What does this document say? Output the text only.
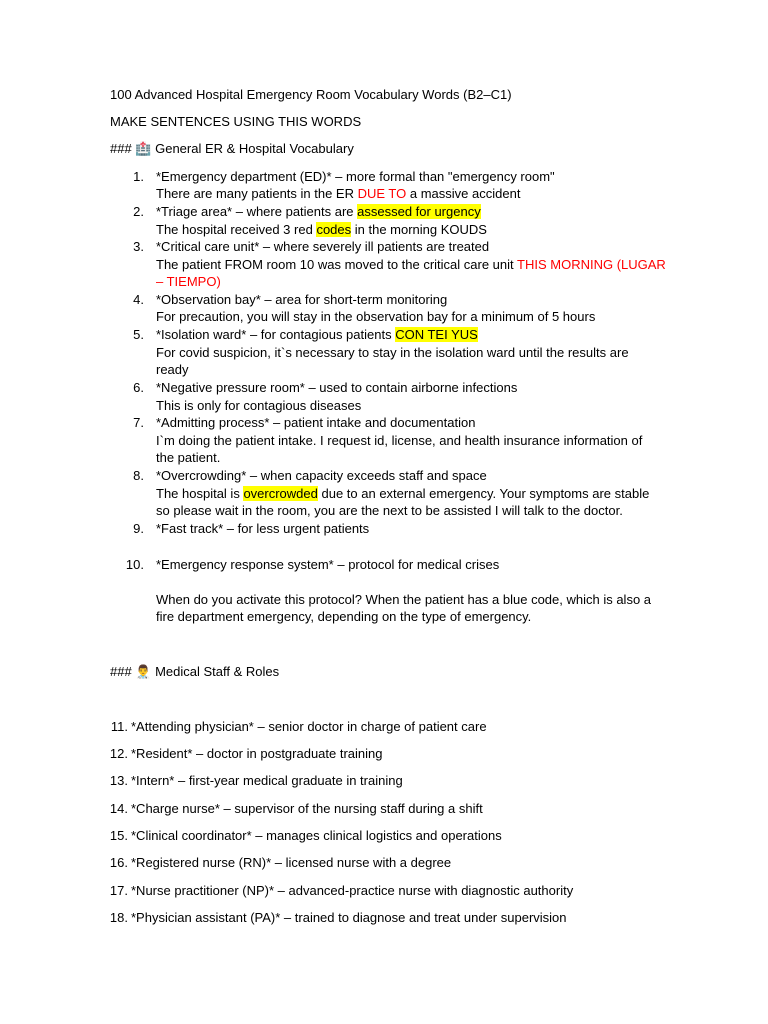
100 Advanced Hospital Emergency Room Vocabulary Words (B2–C1)
MAKE SENTENCES USING THIS WORDS
### 🏥 General ER & Hospital Vocabulary
1. *Emergency department (ED)* – more formal than "emergency room"
There are many patients in the ER DUE TO a massive accident
2. *Triage area* – where patients are assessed for urgency
The hospital received 3 red codes in the morning KOUDS
3. *Critical care unit* – where severely ill patients are treated
The patient FROM room 10 was moved to the critical care unit THIS MORNING (LUGAR
– TIEMPO)
4. *Observation bay* – area for short-term monitoring
For precaution, you will stay in the observation bay for a minimum of 5 hours
5. *Isolation ward* – for contagious patients CON TEI YUS
For covid suspicion, it`s necessary to stay in the isolation ward until the results are
ready
6. *Negative pressure room* – used to contain airborne infections
This is only for contagious diseases
7. *Admitting process* – patient intake and documentation
I`m doing the patient intake. I request id, license, and health insurance information of
the patient.
8. *Overcrowding* – when capacity exceeds staff and space
The hospital is overcrowded due to an external emergency. Your symptoms are stable
so please wait in the room, you are the next to be assisted I will talk to the doctor.
9. *Fast track* – for less urgent patients
10. *Emergency response system* – protocol for medical crises
When do you activate this protocol? When the patient has a blue code, which is also a
fire department emergency, depending on the type of emergency.
### 👨‍⚕️ Medical Staff & Roles
11. *Attending physician* – senior doctor in charge of patient care
12. *Resident* – doctor in postgraduate training
13. *Intern* – first-year medical graduate in training
14. *Charge nurse* – supervisor of the nursing staff during a shift
15. *Clinical coordinator* – manages clinical logistics and operations
16. *Registered nurse (RN)* – licensed nurse with a degree
17. *Nurse practitioner (NP)* – advanced-practice nurse with diagnostic authority
18. *Physician assistant (PA)* – trained to diagnose and treat under supervision
